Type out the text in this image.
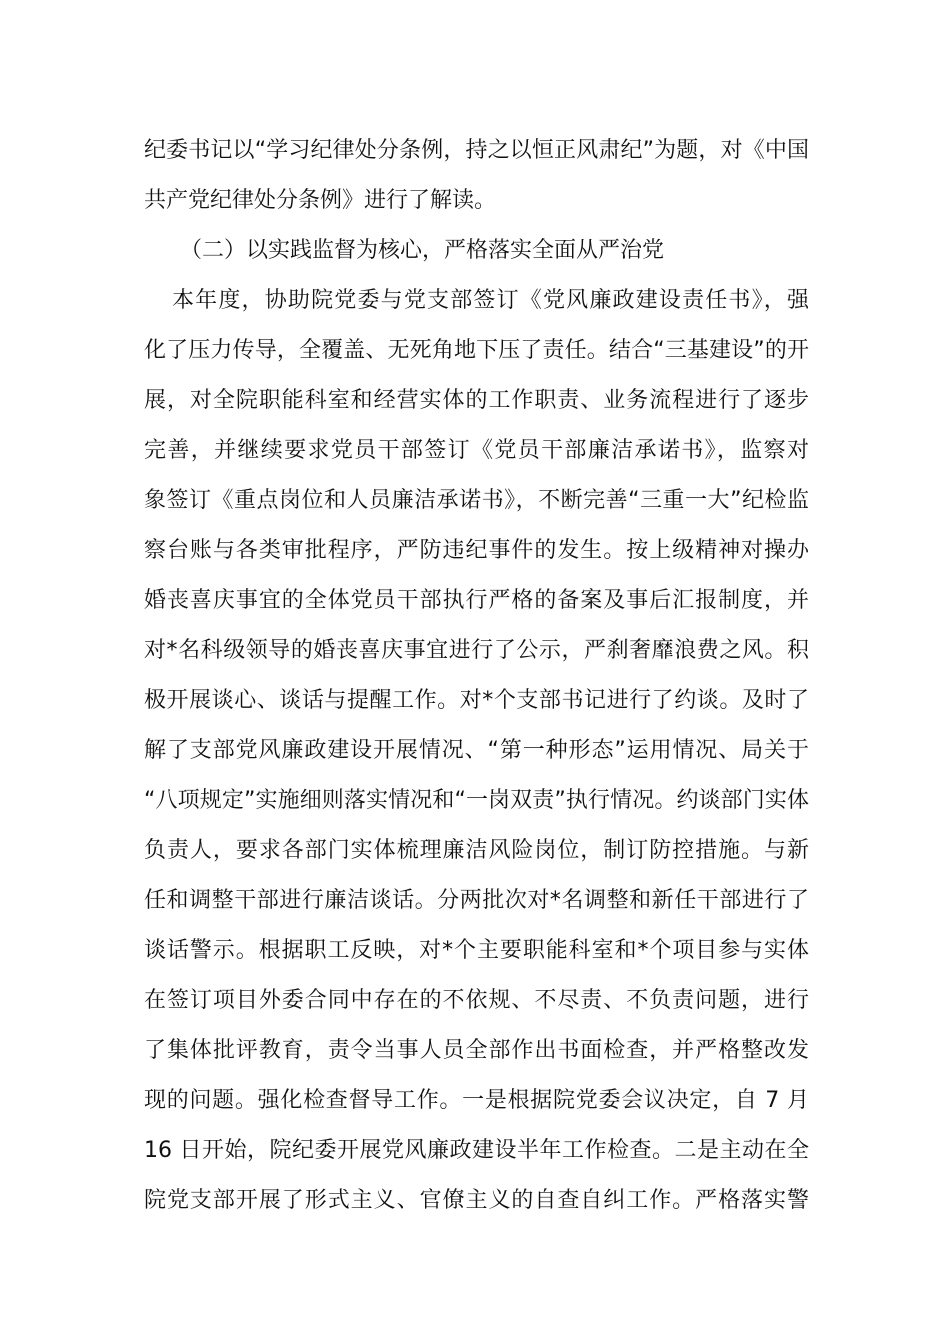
纪委书记以“学习纪律处分条例，持之以恒正风肃纪”为题，对《中国
共产党纪律处分条例》进行了解读。
（二）以实践监督为核心，严格落实全面从严治党
本年度，协助院党委与党支部签订《党风廉政建设责任书》，强
化了压力传导，全覆盖、无死角地下压了责任。结合“三基建设”的开
展，对全院职能科室和经营实体的工作职责、业务流程进行了逐步
完善，并继续要求党员干部签订《党员干部廉洁承诺书》，监察对
象签订《重点岗位和人员廉洁承诺书》，不断完善“三重一大”纪检监
察台账与各类审批程序，严防违纪事件的发生。按上级精神对操办
婚丧喜庆事宜的全体党员干部执行严格的备案及事后汇报制度，并
对*名科级领导的婚丧喜庆事宜进行了公示，严刹奢靡浪费之风。积
极开展谈心、谈话与提醒工作。对*个支部书记进行了约谈。及时了
解了支部党风廉政建设开展情况、“第一种形态”运用情况、局关于
“八项规定”实施细则落实情况和“一岗双责”执行情况。约谈部门实体
负责人，要求各部门实体梳理廉洁风险岗位，制订防控措施。与新
任和调整干部进行廉洁谈话。分两批次对*名调整和新任干部进行了
谈话警示。根据职工反映，对*个主要职能科室和*个项目参与实体
在签订项目外委合同中存在的不依规、不尽责、不负责问题，进行
了集体批评教育，责令当事人员全部作出书面检查，并严格整改发
现的问题。强化检查督导工作。一是根据院党委会议决定，自 7 月
16 日开始，院纪委开展党风廉政建设半年工作检查。二是主动在全
院党支部开展了形式主义、官僚主义的自查自纠工作。严格落实警
